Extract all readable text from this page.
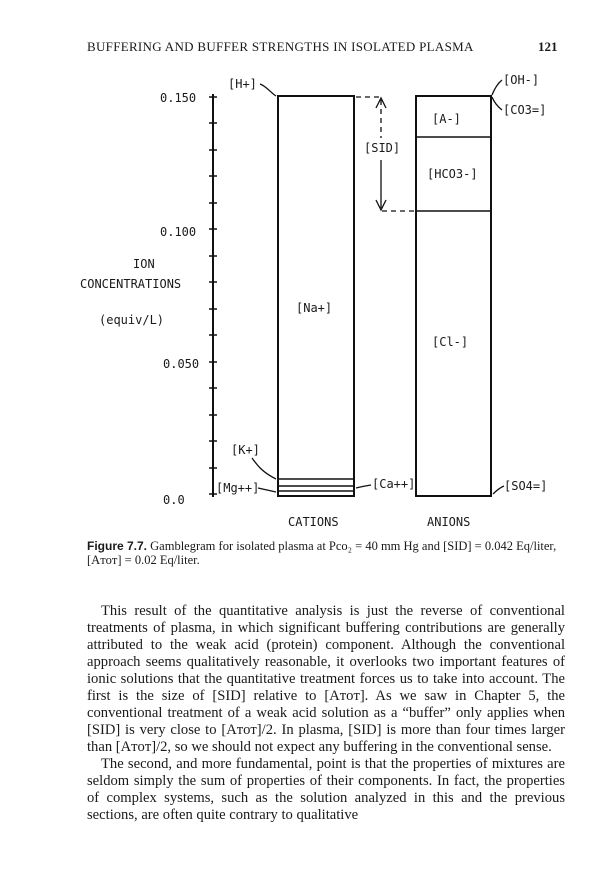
BUFFERING AND BUFFER STRENGTHS IN ISOLATED PLASMA	121
0.150
0.100
0.050
0.0
ION
CONCENTRATIONS
(equiv/L)
[Na+]
[A-]
[HCO3-]
[Cl-]
[SID]
[H+]
[K+]
[Mg++]	[Ca++]
[OH-]
[CO3=]
[SO4=]
CATIONS	ANIONS
Figure 7.7. Gamblegram for isolated plasma at Pco₂ = 40 mm Hg and [SID] = 0.042 Eq/liter, [Aᴛᴏᴛ] = 0.02 Eq/liter.

This result of the quantitative analysis is just the reverse of conventional treatments of plasma, in which significant buffering contributions are generally attributed to the weak acid (protein) component. Although the conventional approach seems qualitatively reasonable, it overlooks two important features of ionic solutions that the quantitative treatment forces us to take into account. The first is the size of [SID] relative to [Aᴛᴏᴛ]. As we saw in Chapter 5, the conventional treatment of a weak acid solution as a “buffer” only applies when [SID] is very close to [Aᴛᴏᴛ]/2. In plasma, [SID] is more than four times larger than [Aᴛᴏᴛ]/2, so we should not expect any buffering in the conventional sense.

The second, and more fundamental, point is that the properties of mixtures are seldom simply the sum of properties of their components. In fact, the properties of complex systems, such as the solution analyzed in this and the previous sections, are often quite contrary to qualitative
